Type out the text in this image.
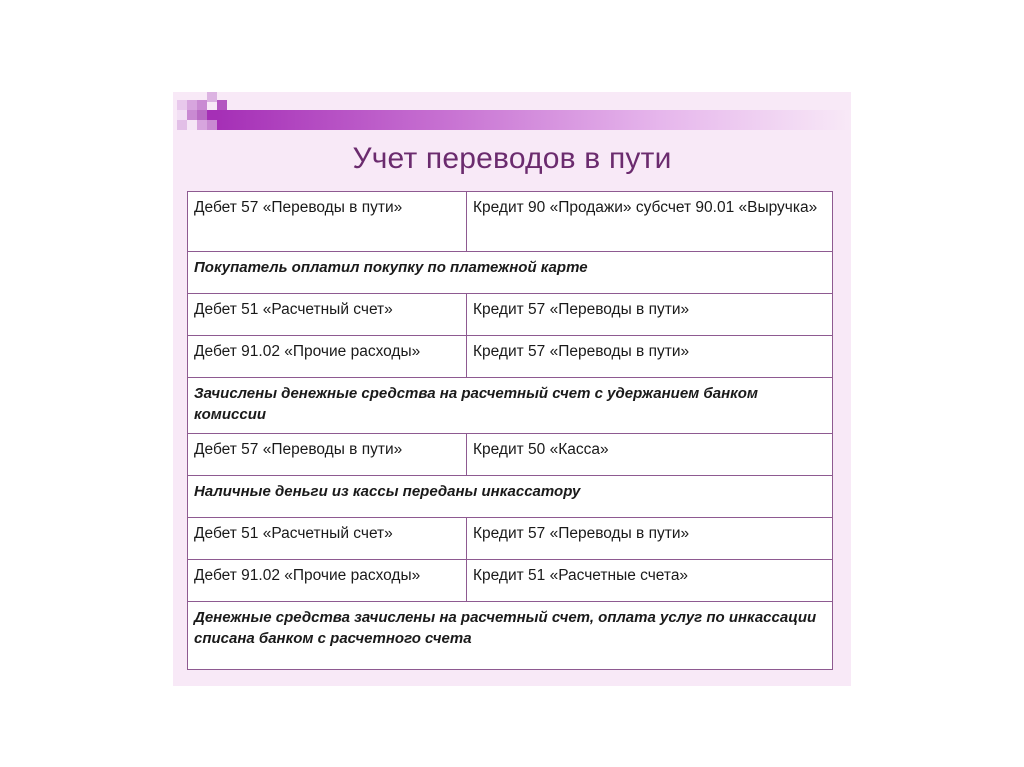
Учет переводов в пути
Дебет 57 «Переводы в пути»	Кредит 90 «Продажи» субсчет 90.01 «Выручка»
Покупатель оплатил покупку по платежной карте	
Дебет 51 «Расчетный счет»	Кредит 57 «Переводы в пути»
Дебет 91.02 «Прочие расходы»	Кредит 57 «Переводы в пути»
Зачислены денежные средства на расчетный счет с удержанием банком комиссии	
Дебет 57 «Переводы в пути»	Кредит 50 «Касса»
Наличные деньги из кассы переданы инкассатору	
Дебет 51 «Расчетный счет»	Кредит 57 «Переводы в пути»
Дебет 91.02 «Прочие расходы»	Кредит 51 «Расчетные счета»
Денежные средства зачислены на расчетный счет, оплата услуг по инкассации списана банком с расчетного счета	
